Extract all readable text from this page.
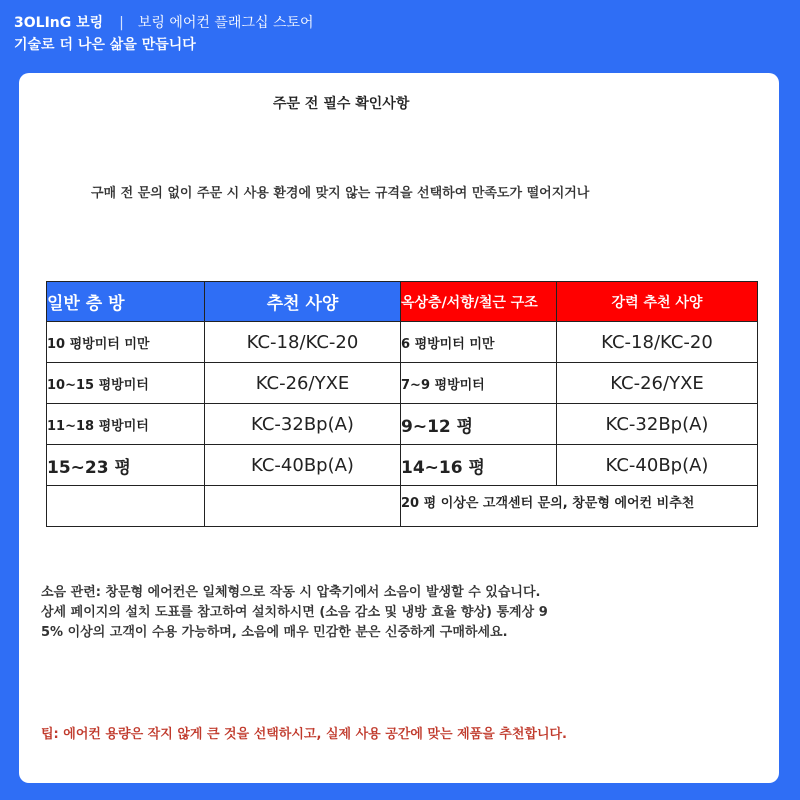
3OLInG 보링 | 보링 에어컨 플래그십 스토어
기술로 더 나은 삶을 만듭니다
주문 전 필수 확인사항
구매 전 문의 없이 주문 시 사용 환경에 맞지 않는 규격을 선택하여 만족도가 떨어지거나
일반 층 방	추천 사양	옥상층/서향/철근 구조	강력 추천 사양
10 평방미터 미만	KC-18/KC-20	6 평방미터 미만	KC-18/KC-20
10~15 평방미터	KC-26/YXE	7~9 평방미터	KC-26/YXE
11~18 평방미터	KC-32Bp(A)	9~12 평	KC-32Bp(A)
15~23 평	KC-40Bp(A)	14~16 평	KC-40Bp(A)

		20 평 이상은 고객센터 문의, 창문형 에어컨 비추천	
소음 관련: 창문형 에어컨은 일체형으로 작동 시 압축기에서 소음이 발생할 수 있습니다.
상세 페이지의 설치 도표를 참고하여 설치하시면 (소음 감소 및 냉방 효율 향상) 통계상 9
5% 이상의 고객이 수용 가능하며, 소음에 매우 민감한 분은 신중하게 구매하세요.
팁: 에어컨 용량은 작지 않게 큰 것을 선택하시고, 실제 사용 공간에 맞는 제품을 추천합니다.
